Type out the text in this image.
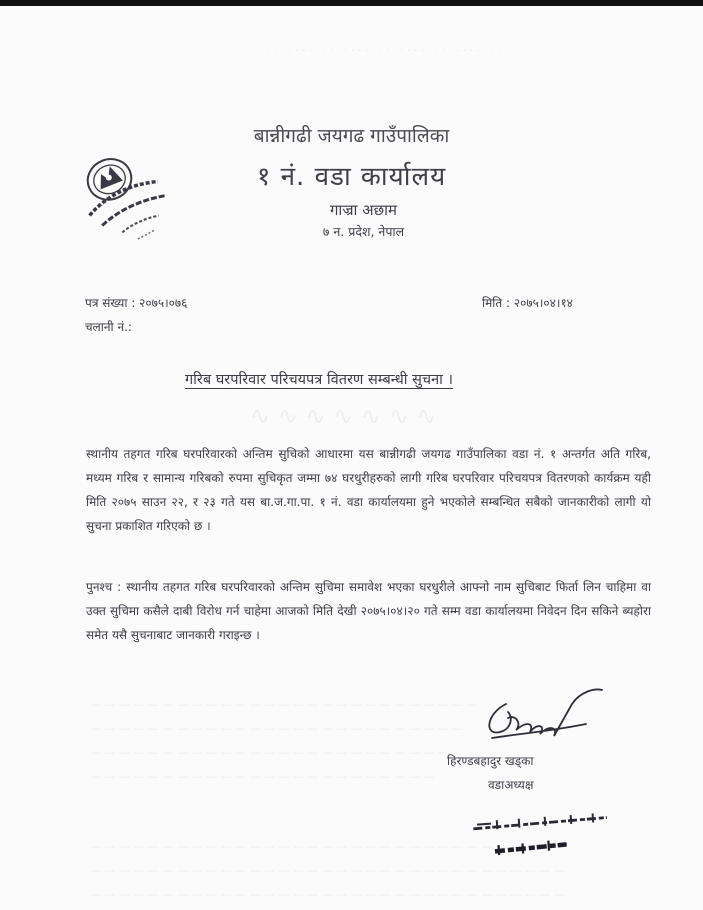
∿ ∿ ∿ ∿ ∿ ∿ ∿
बान्नीगढी जयगढ गाउँपालिका
१ नं. वडा कार्यालय
गाज्रा अछाम
७ न. प्रदेश, नेपाल
पत्र संख्या : २०७५।०७६
चलानी नं.:
मिति : २०७५।०४।१४
गरिब घरपरिवार परिचयपत्र वितरण सम्बन्धी सुचना ।

स्थानीय तहगत गरिब घरपरिवारको अन्तिम सुचिको आधारमा यस बान्नीगढी जयगढ गाउँपालिका वडा नं. १ अन्तर्गत अति गरिब, मध्यम गरिब र सामान्य गरिबको रुपमा सुचिकृत जम्मा ७४ घरधुरीहरुको लागी गरिब घरपरिवार परिचयपत्र वितरणको कार्यक्रम यही मिति २०७५ साउन २२, र २३ गते यस बा.ज.गा.पा. १ नं. वडा कार्यालयमा हुने भएकोले सम्बन्धित सबैको जानकारीको लागी यो सुचना प्रकाशित गरिएको छ ।

पुनश्च : स्थानीय तहगत गरिब घरपरिवारको अन्तिम सुचिमा समावेश भएका घरधुरीले आफ्नो नाम सुचिबाट फिर्ता लिन चाहिमा वा उक्त सुचिमा कसैले दाबी विरोध गर्न चाहेमा आजको मिति देखी २०७५।०४।२० गते सम्म वडा कार्यालयमा निवेदन दिन सकिने ब्यहोरा समेत यसै सुचनाबाट जानकारी गराइन्छ ।

हिरण्डबहादुर खड्का
वडाअध्यक्ष
